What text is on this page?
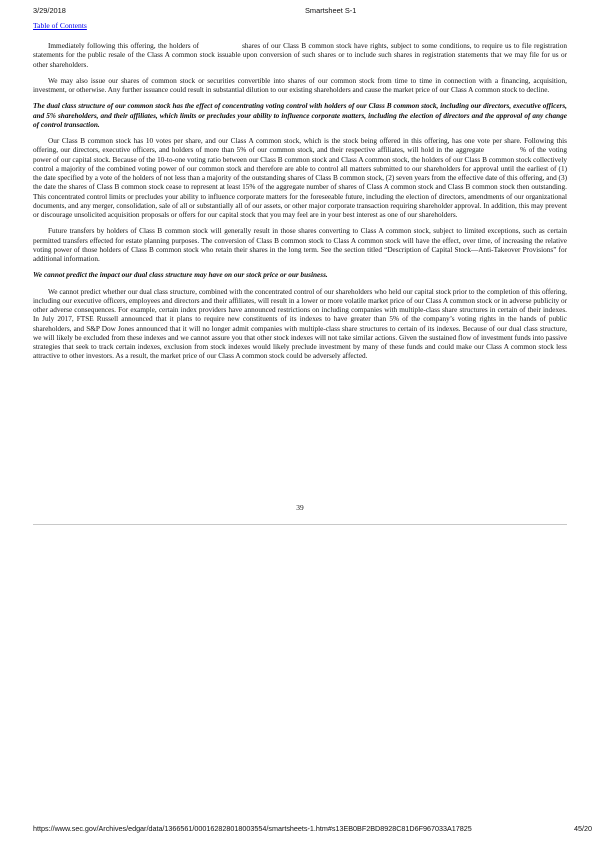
3/29/2018	Smartsheet S-1
Table of Contents

Immediately following this offering, the holders of	shares of our Class B common stock have rights, subject to some conditions, to require us to file registration statements for the public resale of the Class A common stock issuable upon conversion of such shares or to include such shares in registration statements that we may file for us or other shareholders.

We may also issue our shares of common stock or securities convertible into shares of our common stock from time to time in connection with a financing, acquisition, investment, or otherwise. Any further issuance could result in substantial dilution to our existing shareholders and cause the market price of our Class A common stock to decline.

The dual class structure of our common stock has the effect of concentrating voting control with holders of our Class B common stock, including our directors, executive officers, and 5% shareholders, and their affiliates, which limits or precludes your ability to influence corporate matters, including the election of directors and the approval of any change of control transaction.

Our Class B common stock has 10 votes per share, and our Class A common stock, which is the stock being offered in this offering, has one vote per share. Following this offering, our directors, executive officers, and holders of more than 5% of our common stock, and their respective affiliates, will hold in the aggregate	% of the voting power of our capital stock. Because of the 10-to-one voting ratio between our Class B common stock and Class A common stock, the holders of our Class B common stock collectively control a majority of the combined voting power of our common stock and therefore are able to control all matters submitted to our shareholders for approval until the earliest of (1) the date specified by a vote of the holders of not less than a majority of the outstanding shares of Class B common stock, (2) seven years from the effective date of this offering, and (3) the date the shares of Class B common stock cease to represent at least 15% of the aggregate number of shares of Class A common stock and Class B common stock then outstanding. This concentrated control limits or precludes your ability to influence corporate matters for the foreseeable future, including the election of directors, amendments of our organizational documents, and any merger, consolidation, sale of all or substantially all of our assets, or other major corporate transaction requiring shareholder approval. In addition, this may prevent or discourage unsolicited acquisition proposals or offers for our capital stock that you may feel are in your best interest as one of our shareholders.

Future transfers by holders of Class B common stock will generally result in those shares converting to Class A common stock, subject to limited exceptions, such as certain permitted transfers effected for estate planning purposes. The conversion of Class B common stock to Class A common stock will have the effect, over time, of increasing the relative voting power of those holders of Class B common stock who retain their shares in the long term. See the section titled “Description of Capital Stock—Anti-Takeover Provisions” for additional information.

We cannot predict the impact our dual class structure may have on our stock price or our business.

We cannot predict whether our dual class structure, combined with the concentrated control of our shareholders who held our capital stock prior to the completion of this offering, including our executive officers, employees and directors and their affiliates, will result in a lower or more volatile market price of our Class A common stock or in adverse publicity or other adverse consequences. For example, certain index providers have announced restrictions on including companies with multiple-class share structures in certain of their indexes. In July 2017, FTSE Russell announced that it plans to require new constituents of its indexes to have greater than 5% of the company’s voting rights in the hands of public shareholders, and S&P Dow Jones announced that it will no longer admit companies with multiple-class share structures to certain of its indexes. Because of our dual class structure, we will likely be excluded from these indexes and we cannot assure you that other stock indexes will not take similar actions. Given the sustained flow of investment funds into passive strategies that seek to track certain indexes, exclusion from stock indexes would likely preclude investment by many of these funds and could make our Class A common stock less attractive to other investors. As a result, the market price of our Class A common stock could be adversely affected.

39
https://www.sec.gov/Archives/edgar/data/1366561/000162828018003554/smartsheets-1.htm#s13EB0BF2BD8928C81D6F967033A17825	45/20
